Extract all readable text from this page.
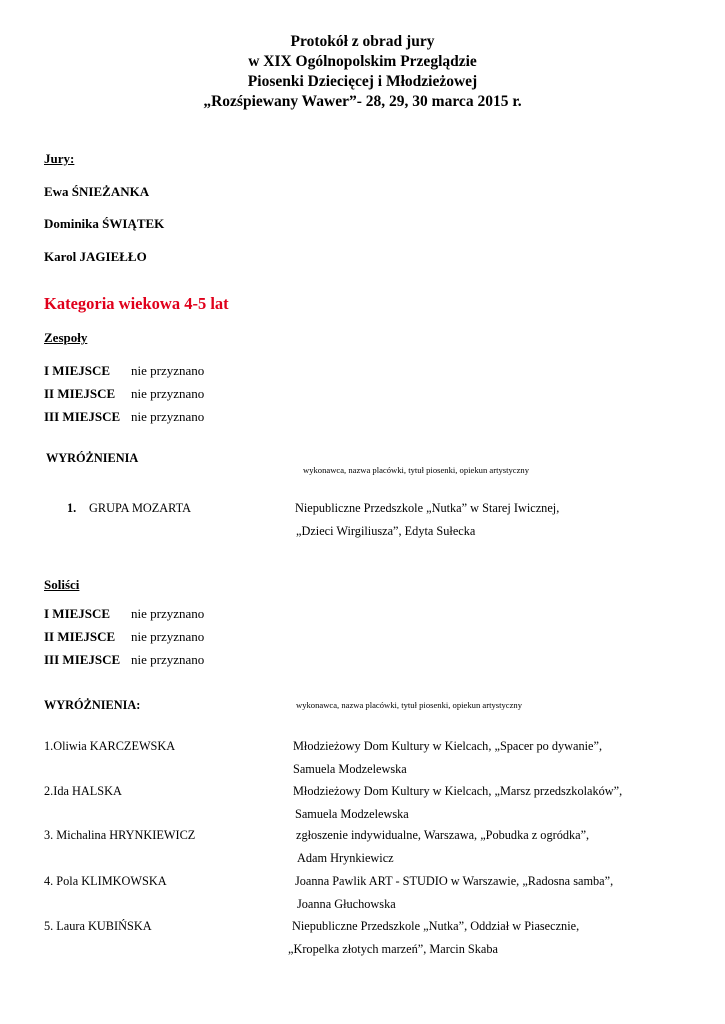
Protokół z obrad jury
w XIX Ogólnopolskim Przeglądzie
Piosenki Dziecięcej i Młodzieżowej
„Rozśpiewany Wawer”- 28, 29, 30 marca 2015 r.
Jury:
Ewa ŚNIEŻANKA
Dominika ŚWIĄTEK
Karol JAGIEŁŁO
Kategoria wiekowa 4-5 lat
Zespoły
I MIEJSCE nie przyznano
II MIEJSCE nie przyznano
III MIEJSCE nie przyznano
WYRÓŻNIENIA
wykonawca, nazwa placówki, tytuł piosenki, opiekun artystyczny
1. GRUPA MOZARTA	Niepubliczne Przedszkole „Nutka” w Starej Iwicznej,
„Dzieci Wirgiliusza”, Edyta Sułecka
Soliści
I MIEJSCE nie przyznano
II MIEJSCE nie przyznano
III MIEJSCE nie przyznano
WYRÓŻNIENIA:	wykonawca, nazwa placówki, tytuł piosenki, opiekun artystyczny
1.Oliwia KARCZEWSKA	Młodzieżowy Dom Kultury w Kielcach, „Spacer po dywanie”,
Samuela Modzelewska
2.Ida HALSKA	Młodzieżowy Dom Kultury w Kielcach, „Marsz przedszkolaków”,
Samuela Modzelewska
3. Michalina HRYNKIEWICZ	zgłoszenie indywidualne, Warszawa, „Pobudka z ogródka”,
Adam Hrynkiewicz
4. Pola KLIMKOWSKA	Joanna Pawlik ART - STUDIO w Warszawie, „Radosna samba”,
Joanna Głuchowska
5. Laura KUBIŃSKA	Niepubliczne Przedszkole „Nutka”, Oddział w Piasecznie,
„Kropelka złotych marzeń”, Marcin Skaba
